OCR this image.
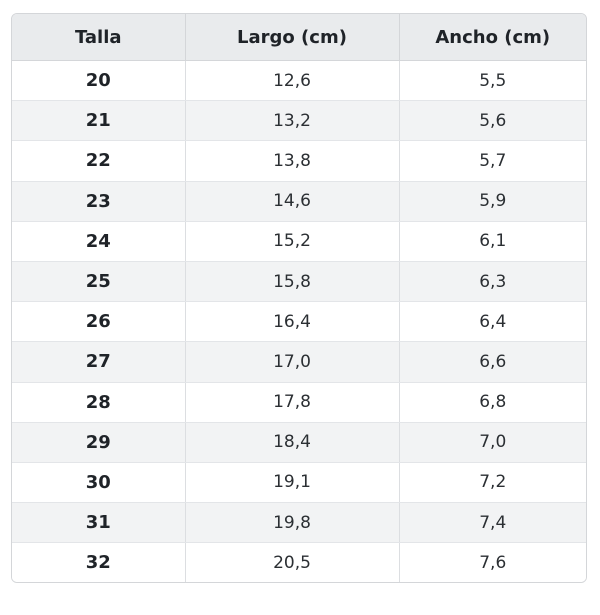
Talla	Largo (cm)	Ancho (cm)
20	12,6	5,5
21	13,2	5,6
22	13,8	5,7
23	14,6	5,9
24	15,2	6,1
25	15,8	6,3
26	16,4	6,4
27	17,0	6,6
28	17,8	6,8
29	18,4	7,0
30	19,1	7,2
31	19,8	7,4
32	20,5	7,6
